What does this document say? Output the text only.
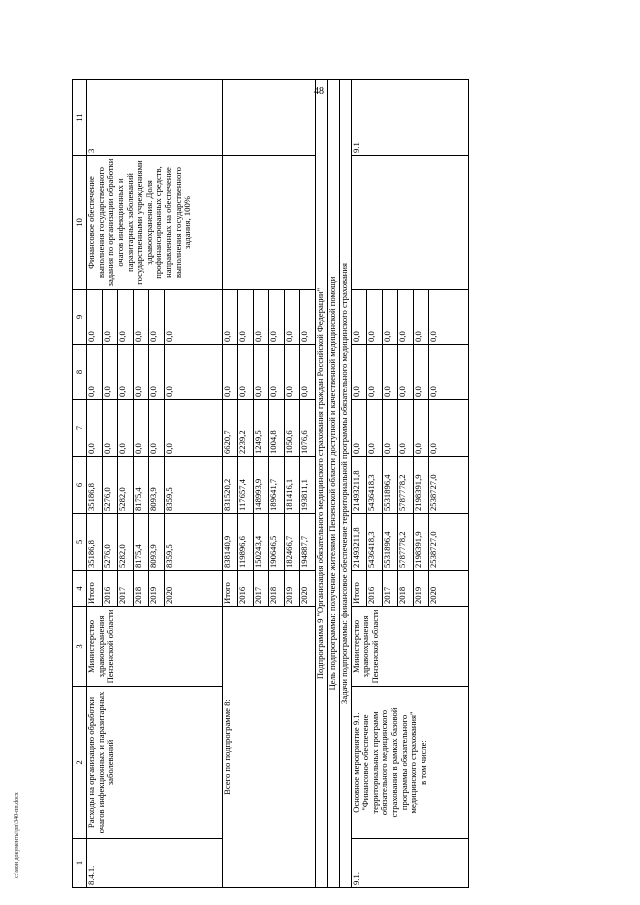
48
c:\мои документы\рп\340-пп.docx	1	2	3	4	5	6	7	8	9	10	11
8.4.1.	Расходы на организацию обработки очагов инфекционных и паразитарных заболеваний	Министерство здравоохранения Пензенской области	Итого	35186,8	35186,8	0,0	0,0	0,0	Финансовое обеспечение выполнения государственного задания по организации обработки очагов инфекционных и паразитарных заболеваний государственными учреждениями здравоохранения. Доля профинансированных средств, направленных на обеспечение выполнения государственного задания, 100%	3
			2016	5276,0	5276,0	0,0	0,0	0,0		
			2017	5282,0	5282,0	0,0	0,0	0,0		
			2018	8175,4	8175,4	0,0	0,0	0,0		
			2019	8093,9	8093,9	0,0	0,0	0,0		
			2020	8359,5	8359,5	0,0	0,0	0,0		
Всего по подпрограмме 8:			Итого	838140,9	831520,2	6620,7	0,0	0,0		
			2016	119896,6	117657,4	2239,2	0,0	0,0		
			2017	150243,4	148993,9	1249,5	0,0	0,0		
			2018	190646,5	189641,7	1004,8	0,0	0,0		
			2019	182466,7	181416,1	1050,6	0,0	0,0		
			2020	194887,7	193811,1	1076,6	0,0	0,0		
Подпрограмма 9 "Организация обязательного медицинского страхования граждан Российской Федерации"										
Цель подпрограммы: получение жителями Пензенской области доступной и качественной медицинской помощи										
Задачи подпрограммы: финансовое обеспечение территориальной программы обязательного медицинского страхования										
9.1.	Основное мероприятие 9.1. "Финансовое обеспечение территориальных программ обязательного медицинского страхования в рамках базовой программы обязательного медицинского страхования" в том числе:	Министерство здравоохранения Пензенской области	Итого	21493211,8	21493211,8	0,0	0,0	0,0		9.1
			2016	5436418,3	5436418,3	0,0	0,0	0,0		
			2017	5531896,4	5531896,4	0,0	0,0	0,0		
			2018	5787778,2	5787778,2	0,0	0,0	0,0		
			2019	2198391,9	2198391,9	0,0	0,0	0,0		
			2020	2538727,0	2538727,0	0,0	0,0	0,0		
